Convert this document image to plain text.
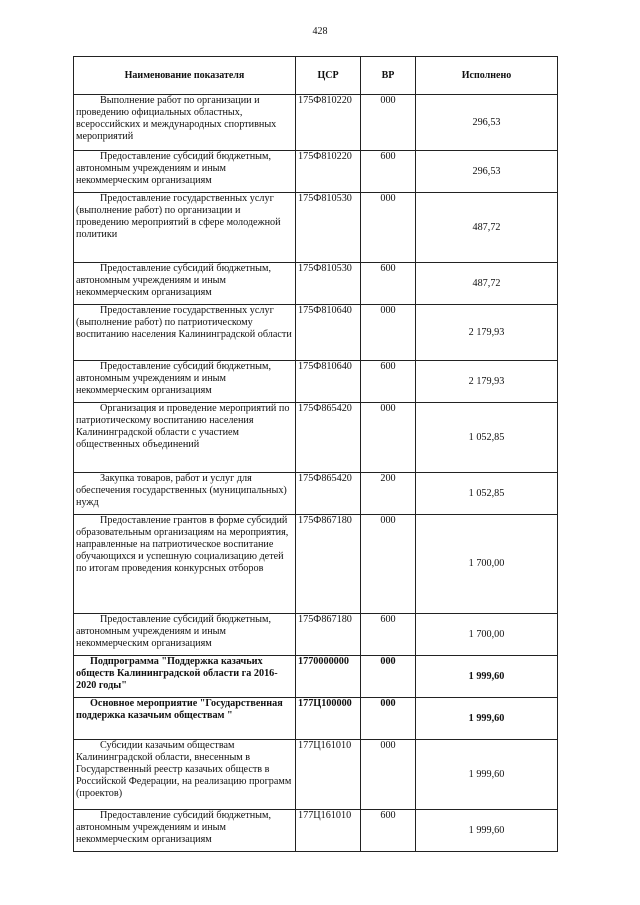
428
Наименование показателя	ЦСР	ВР	Исполнено

Выполнение работ по организации и проведению официальных областных, всероссийских и международных спортивных мероприятий	175Ф810220	000	296,53

Предоставление субсидий бюджетным, автономным учреждениям и иным некоммерческим организациям	175Ф810220	600	296,53

Предоставление государственных услуг (выполнение работ) по организации и проведению мероприятий в сфере молодежной политики	175Ф810530	000	487,72

Предоставление субсидий бюджетным, автономным учреждениям и иным некоммерческим организациям	175Ф810530	600	487,72

Предоставление государственных услуг (выполнение работ) по патриотическому воспитанию населения Калининградской области	175Ф810640	000	2 179,93

Предоставление субсидий бюджетным, автономным учреждениям и иным некоммерческим организациям	175Ф810640	600	2 179,93

Организация и проведение мероприятий по патриотическому воспитанию населения Калининградской области с участием общественных объединений	175Ф865420	000	1 052,85

Закупка товаров, работ и услуг для обеспечения государственных (муниципальных) нужд	175Ф865420	200	1 052,85

Предоставление грантов в форме субсидий образовательным организациям на мероприятия, направленные на патриотическое воспитание обучающихся и успешную социализацию детей по итогам проведения конкурсных отборов	175Ф867180	000	1 700,00

Предоставление субсидий бюджетным, автономным учреждениям и иным некоммерческим организациям	175Ф867180	600	1 700,00

Подпрограмма "Поддержка казачьих обществ Калининградской области га 2016-2020 годы"	1770000000	000	1 999,60

Основное мероприятие "Государственная поддержка казачьим обществам "	177Ц100000	000	1 999,60

Субсидии казачьим обществам Калининградской области, внесенным в Государственный реестр казачьих обществ в Российской Федерации, на реализацию программ (проектов)	177Ц161010	000	1 999,60

Предоставление субсидий бюджетным, автономным учреждениям и иным некоммерческим организациям	177Ц161010	600	1 999,60
